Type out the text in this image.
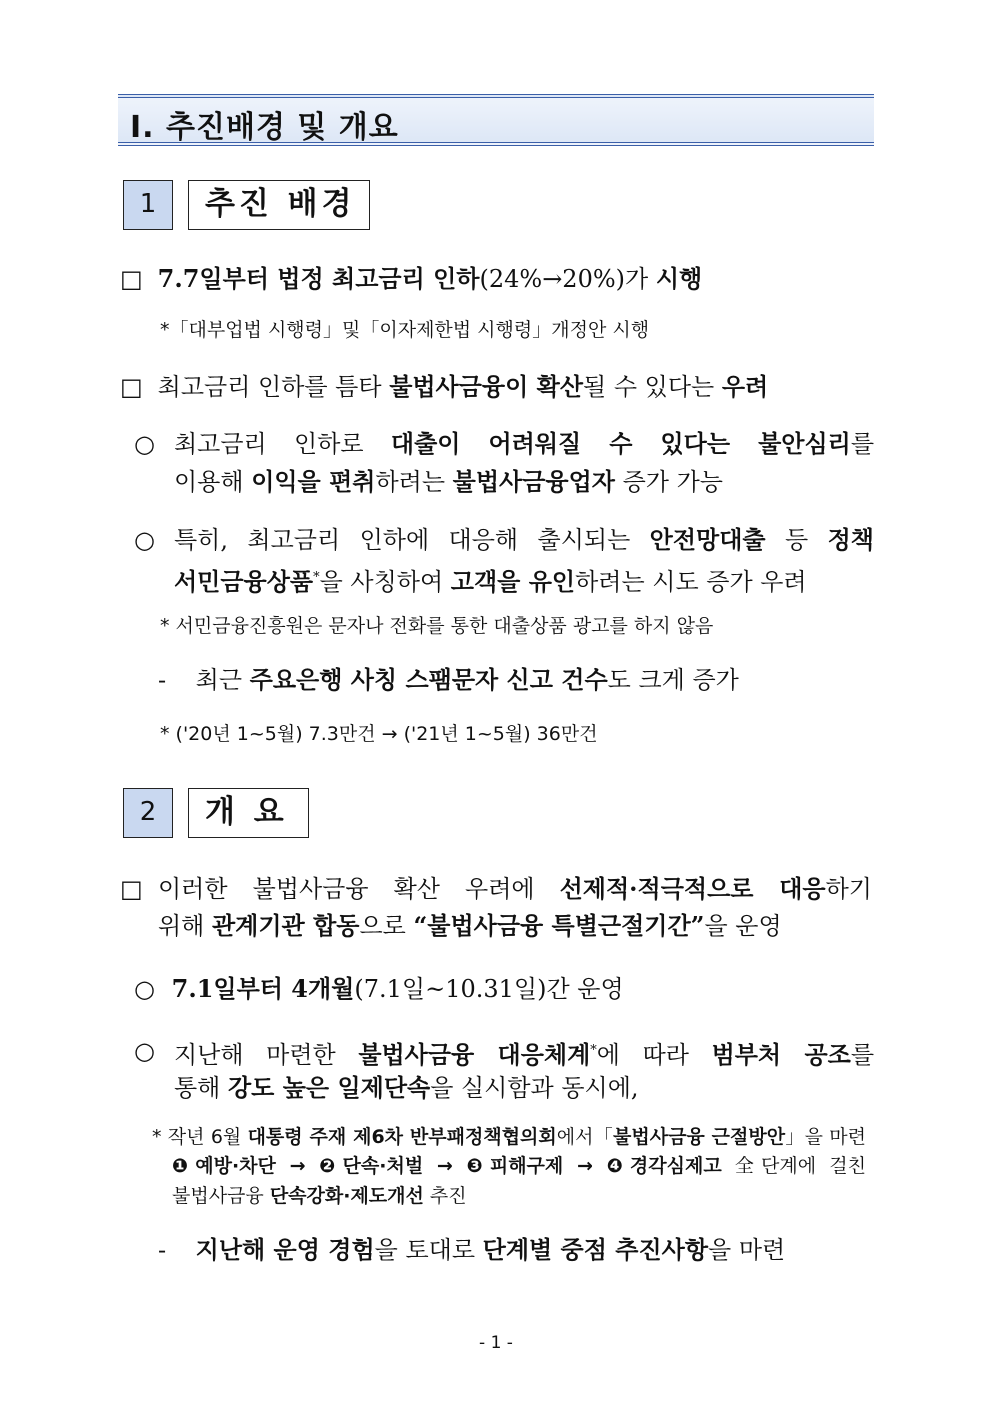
Ⅰ. 추진배경 및 개요
1	추진 배경
□ 7.7일부터 법정 최고금리 인하(24%→20%)가 시행
*「대부업법 시행령」및「이자제한법 시행령」개정안 시행
□ 최고금리 인하를 틈타 불법사금융이 확산될 수 있다는 우려
○ 최고금리 인하로 대출이 어려워질 수 있다는 불안심리를
이용해 이익을 편취하려는 불법사금융업자 증가 가능
○ 특히, 최고금리 인하에 대응해 출시되는 안전망대출 등 정책
서민금융상품*을 사칭하여 고객을 유인하려는 시도 증가 우려
* 서민금융진흥원은 문자나 전화를 통한 대출상품 광고를 하지 않음
- 최근 주요은행 사칭 스팸문자 신고 건수도 크게 증가
* ('20년 1~5월) 7.3만건 → ('21년 1~5월) 36만건
2	개 요
□ 이러한 불법사금융 확산 우려에 선제적·적극적으로 대응하기
위해 관계기관 합동으로 “불법사금융 특별근절기간”을 운영
○ 7.1일부터 4개월(7.1일~10.31일)간 운영
○ 지난해 마련한 불법사금융 대응체계*에 따라 범부처 공조를
통해 강도 높은 일제단속을 실시함과 동시에,
* 작년 6월 대통령 주재 제6차 반부패정책협의회에서「불법사금융 근절방안」을 마련
❶예방·차단 → ❷단속·처벌 → ❸피해구제 → ❹경각심제고 全단계에 걸친
불법사금융 단속강화·제도개선 추진
- 지난해 운영 경험을 토대로 단계별 중점 추진사항을 마련
- 1 -
